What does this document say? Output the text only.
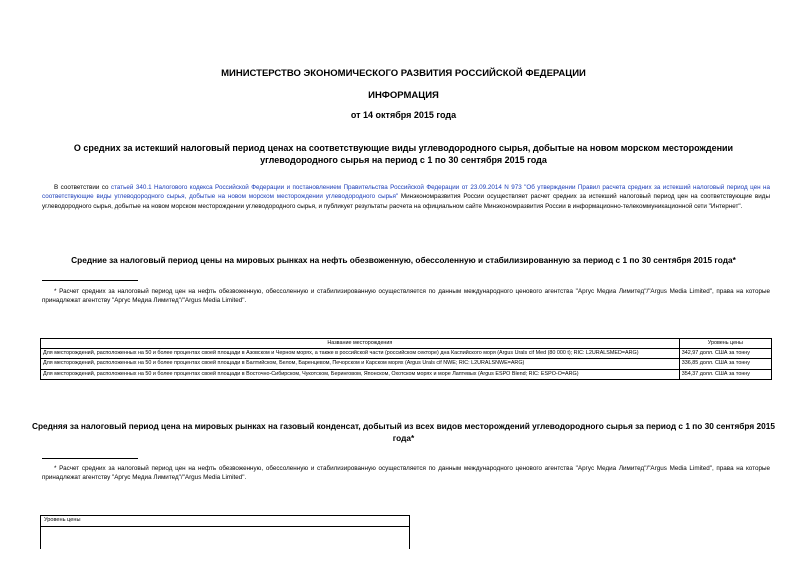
МИНИСТЕРСТВО ЭКОНОМИЧЕСКОГО РАЗВИТИЯ РОССИЙСКОЙ ФЕДЕРАЦИИ
ИНФОРМАЦИЯ
от 14 октября 2015 года
О средних за истекший налоговый период ценах на соответствующие виды углеводородного сырья, добытые на новом морском месторождении углеводородного сырья на период с 1 по 30 сентября 2015 года
В соответствии со статьей 340.1 Налогового кодекса Российской Федерации и постановлением Правительства Российской Федерации от 23.09.2014 N 973 "Об утверждении Правил расчета средних за истекший налоговый период цен на соответствующие виды углеводородного сырья, добытые на новом морском месторождении углеводородного сырья" Минэкономразвития России осуществляет расчет средних за истекший налоговый период цен на соответствующие виды углеводородного сырья, добытые на новом морском месторождении углеводородного сырья, и публикует результаты расчета на официальном сайте Минэкономразвития России в информационно-телекоммуникационной сети "Интернет".
Средние за налоговый период цены на мировых рынках на нефть обезвоженную, обессоленную и стабилизированную за период с 1 по 30 сентября 2015 года*
* Расчет средних за налоговый период цен на нефть обезвоженную, обессоленную и стабилизированную осуществляется по данным международного ценового агентства "Аргус Медиа Лимитед"/"Argus Media Limited", права на которые принадлежат агентству "Аргус Медиа Лимитед"/"Argus Media Limited".
Название месторождения	Уровень цены
Для месторождений, расположенных на 50 и более процентах своей площади в Азовском и Черном морях, а также в российской части (российском секторе) дна Каспийского моря (Argus Urals cif Med (80 000 t); RIC: L2URALSMED=ARG)	342,97 долл. США за тонну
Для месторождений, расположенных на 50 и более процентах своей площади в Балтийском, Белом, Баренцевом, Печорском и Карском морях (Argus Urals cif NWE; RIC: L2URALSNWE=ARG)	336,85 долл. США за тонну
Для месторождений, расположенных на 50 и более процентах своей площади в Восточно-Сибирском, Чукотском, Беринговом, Японском, Охотском морях и море Лаптевых (Argus ESPO Blend; RIC: ESPO-O=ARG)	354,37 долл. США за тонну
Средняя за налоговый период цена на мировых рынках на газовый конденсат, добытый из всех видов месторождений углеводородного сырья за период с 1 по 30 сентября 2015 года*
* Расчет средних за налоговый период цен на нефть обезвоженную, обессоленную и стабилизированную осуществляется по данным международного ценового агентства "Аргус Медиа Лимитед"/"Argus Media Limited", права на которые принадлежат агентству "Аргус Медиа Лимитед"/"Argus Media Limited".
Уровень цены
